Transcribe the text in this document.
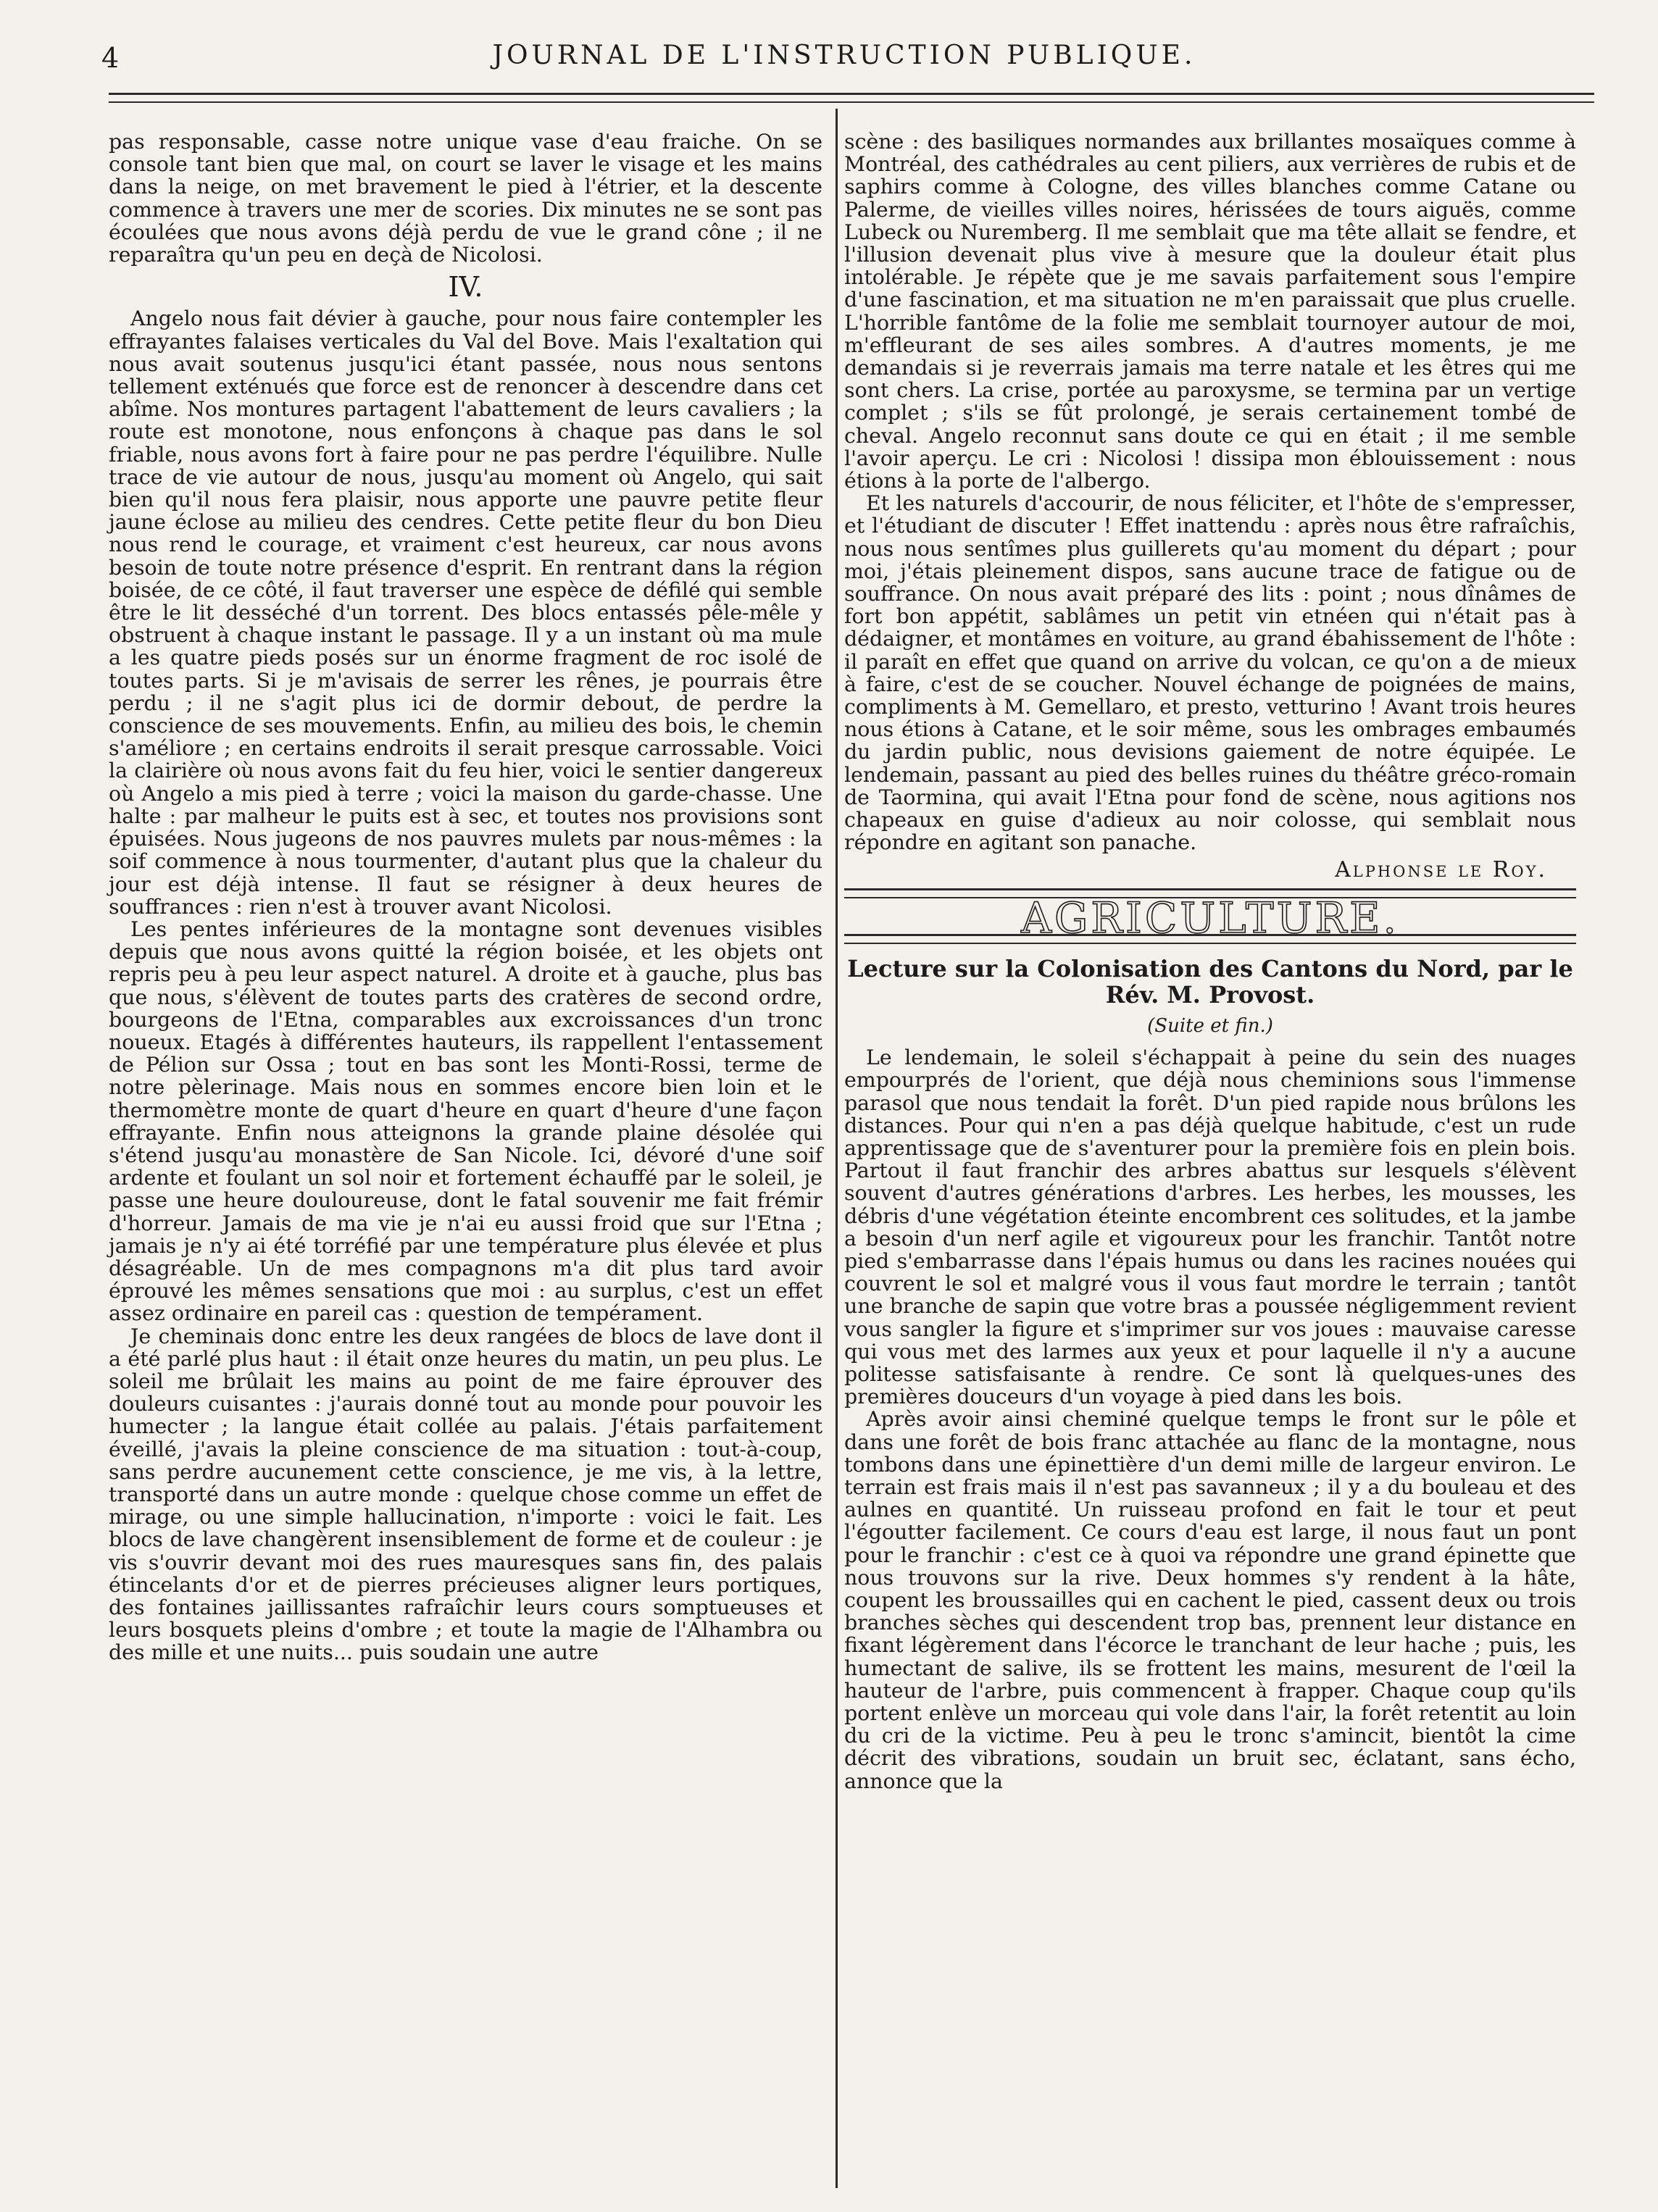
4	JOURNAL DE L'INSTRUCTION PUBLIQUE.

pas responsable, casse notre unique vase d'eau fraiche. On se console tant bien que mal, on court se laver le visage et les mains dans la neige, on met bravement le pied à l'étrier, et la descente commence à travers une mer de scories. Dix minutes ne se sont pas écoulées que nous avons déjà perdu de vue le grand cône ; il ne reparaîtra qu'un peu en deçà de Nicolosi.

IV.

Angelo nous fait dévier à gauche, pour nous faire contempler les effrayantes falaises verticales du Val del Bove. Mais l'exaltation qui nous avait soutenus jusqu'ici étant passée, nous nous sentons tellement exténués que force est de renoncer à descendre dans cet abîme. Nos montures partagent l'abattement de leurs cavaliers ; la route est monotone, nous enfonçons à chaque pas dans le sol friable, nous avons fort à faire pour ne pas perdre l'équilibre. Nulle trace de vie autour de nous, jusqu'au moment où Angelo, qui sait bien qu'il nous fera plaisir, nous apporte une pauvre petite fleur jaune éclose au milieu des cendres. Cette petite fleur du bon Dieu nous rend le courage, et vraiment c'est heureux, car nous avons besoin de toute notre présence d'esprit. En rentrant dans la région boisée, de ce côté, il faut traverser une espèce de défilé qui semble être le lit desséché d'un torrent. Des blocs entassés pêle-mêle y obstruent à chaque instant le passage. Il y a un instant où ma mule a les quatre pieds posés sur un énorme fragment de roc isolé de toutes parts. Si je m'avisais de serrer les rênes, je pourrais être perdu ; il ne s'agit plus ici de dormir debout, de perdre la conscience de ses mouvements. Enfin, au milieu des bois, le chemin s'améliore ; en certains endroits il serait presque carrossable. Voici la clairière où nous avons fait du feu hier, voici le sentier dangereux où Angelo a mis pied à terre ; voici la maison du garde-chasse. Une halte : par malheur le puits est à sec, et toutes nos provisions sont épuisées. Nous jugeons de nos pauvres mulets par nous-mêmes : la soif commence à nous tourmenter, d'autant plus que la chaleur du jour est déjà intense. Il faut se résigner à deux heures de souffrances : rien n'est à trouver avant Nicolosi.

Les pentes inférieures de la montagne sont devenues visibles depuis que nous avons quitté la région boisée, et les objets ont repris peu à peu leur aspect naturel. A droite et à gauche, plus bas que nous, s'élèvent de toutes parts des cratères de second ordre, bourgeons de l'Etna, comparables aux excroissances d'un tronc noueux. Etagés à différentes hauteurs, ils rappellent l'entassement de Pélion sur Ossa ; tout en bas sont les Monti-Rossi, terme de notre pèlerinage. Mais nous en sommes encore bien loin et le thermomètre monte de quart d'heure en quart d'heure d'une façon effrayante. Enfin nous atteignons la grande plaine désolée qui s'étend jusqu'au monastère de San Nicole. Ici, dévoré d'une soif ardente et foulant un sol noir et fortement échauffé par le soleil, je passe une heure douloureuse, dont le fatal souvenir me fait frémir d'horreur. Jamais de ma vie je n'ai eu aussi froid que sur l'Etna ; jamais je n'y ai été torréfié par une température plus élevée et plus désagréable. Un de mes compagnons m'a dit plus tard avoir éprouvé les mêmes sensations que moi : au surplus, c'est un effet assez ordinaire en pareil cas : question de tempérament.

Je cheminais donc entre les deux rangées de blocs de lave dont il a été parlé plus haut : il était onze heures du matin, un peu plus. Le soleil me brûlait les mains au point de me faire éprouver des douleurs cuisantes : j'aurais donné tout au monde pour pouvoir les humecter ; la langue était collée au palais. J'étais parfaitement éveillé, j'avais la pleine conscience de ma situation : tout-à-coup, sans perdre aucunement cette conscience, je me vis, à la lettre, transporté dans un autre monde : quelque chose comme un effet de mirage, ou une simple hallucination, n'importe : voici le fait. Les blocs de lave changèrent insensiblement de forme et de couleur : je vis s'ouvrir devant moi des rues mauresques sans fin, des palais étincelants d'or et de pierres précieuses aligner leurs portiques, des fontaines jaillissantes rafraîchir leurs cours somptueuses et leurs bosquets pleins d'ombre ; et toute la magie de l'Alhambra ou des mille et une nuits... puis soudain une autre

scène : des basiliques normandes aux brillantes mosaïques comme à Montréal, des cathédrales au cent piliers, aux verrières de rubis et de saphirs comme à Cologne, des villes blanches comme Catane ou Palerme, de vieilles villes noires, hérissées de tours aiguës, comme Lubeck ou Nuremberg. Il me semblait que ma tête allait se fendre, et l'illusion devenait plus vive à mesure que la douleur était plus intolérable. Je répète que je me savais parfaitement sous l'empire d'une fascination, et ma situation ne m'en paraissait que plus cruelle. L'horrible fantôme de la folie me semblait tournoyer autour de moi, m'effleurant de ses ailes sombres. A d'autres moments, je me demandais si je reverrais jamais ma terre natale et les êtres qui me sont chers. La crise, portée au paroxysme, se termina par un vertige complet ; s'ils se fût prolongé, je serais certainement tombé de cheval. Angelo reconnut sans doute ce qui en était ; il me semble l'avoir aperçu. Le cri : Nicolosi ! dissipa mon éblouissement : nous étions à la porte de l'albergo.

Et les naturels d'accourir, de nous féliciter, et l'hôte de s'empresser, et l'étudiant de discuter ! Effet inattendu : après nous être rafraîchis, nous nous sentîmes plus guillerets qu'au moment du départ ; pour moi, j'étais pleinement dispos, sans aucune trace de fatigue ou de souffrance. On nous avait préparé des lits : point ; nous dînâmes de fort bon appétit, sablâmes un petit vin etnéen qui n'était pas à dédaigner, et montâmes en voiture, au grand ébahissement de l'hôte : il paraît en effet que quand on arrive du volcan, ce qu'on a de mieux à faire, c'est de se coucher. Nouvel échange de poignées de mains, compliments à M. Gemellaro, et presto, vetturino ! Avant trois heures nous étions à Catane, et le soir même, sous les ombrages embaumés du jardin public, nous devisions gaiement de notre équipée. Le lendemain, passant au pied des belles ruines du théâtre gréco-romain de Taormina, qui avait l'Etna pour fond de scène, nous agitions nos chapeaux en guise d'adieux au noir colosse, qui semblait nous répondre en agitant son panache.

Alphonse le Roy.
AGRICULTURE.
Lecture sur la Colonisation des Cantons du Nord, par le Rév. M. Provost.
(Suite et fin.)

Le lendemain, le soleil s'échappait à peine du sein des nuages empourprés de l'orient, que déjà nous cheminions sous l'immense parasol que nous tendait la forêt. D'un pied rapide nous brûlons les distances. Pour qui n'en a pas déjà quelque habitude, c'est un rude apprentissage que de s'aventurer pour la première fois en plein bois. Partout il faut franchir des arbres abattus sur lesquels s'élèvent souvent d'autres générations d'arbres. Les herbes, les mousses, les débris d'une végétation éteinte encombrent ces solitudes, et la jambe a besoin d'un nerf agile et vigoureux pour les franchir. Tantôt notre pied s'embarrasse dans l'épais humus ou dans les racines nouées qui couvrent le sol et malgré vous il vous faut mordre le terrain ; tantôt une branche de sapin que votre bras a poussée négligemment revient vous sangler la figure et s'imprimer sur vos joues : mauvaise caresse qui vous met des larmes aux yeux et pour laquelle il n'y a aucune politesse satisfaisante à rendre. Ce sont là quelques-unes des premières douceurs d'un voyage à pied dans les bois.

Après avoir ainsi cheminé quelque temps le front sur le pôle et dans une forêt de bois franc attachée au flanc de la montagne, nous tombons dans une épinettière d'un demi mille de largeur environ. Le terrain est frais mais il n'est pas savanneux ; il y a du bouleau et des aulnes en quantité. Un ruisseau profond en fait le tour et peut l'égoutter facilement. Ce cours d'eau est large, il nous faut un pont pour le franchir : c'est ce à quoi va répondre une grand épinette que nous trouvons sur la rive. Deux hommes s'y rendent à la hâte, coupent les broussailles qui en cachent le pied, cassent deux ou trois branches sèches qui descendent trop bas, prennent leur distance en fixant légèrement dans l'écorce le tranchant de leur hache ; puis, les humectant de salive, ils se frottent les mains, mesurent de l'œil la hauteur de l'arbre, puis commencent à frapper. Chaque coup qu'ils portent enlève un morceau qui vole dans l'air, la forêt retentit au loin du cri de la victime. Peu à peu le tronc s'amincit, bientôt la cime décrit des vibrations, soudain un bruit sec, éclatant, sans écho, annonce que la
